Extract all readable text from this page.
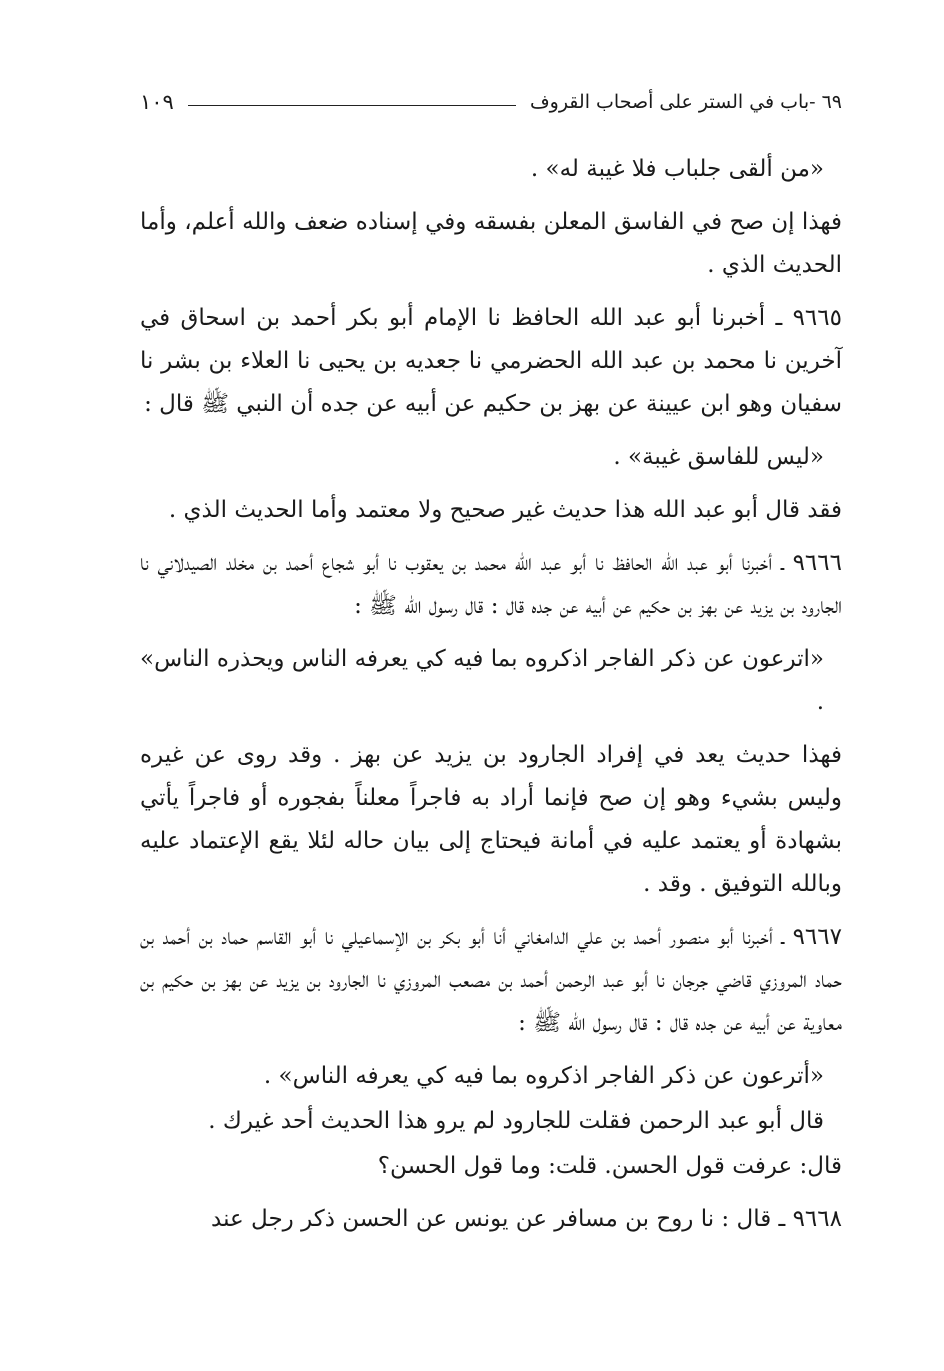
٦٩ -باب في الستر على أصحاب القروف
١٠٩

«من ألقى جلباب فلا غيبة له» .

فهذا إن صح في الفاسق المعلن بفسقه وفي إسناده ضعف والله أعلم، وأما الحديث الذي .

٩٦٦٥ ـ أخبرنا أبو عبد الله الحافظ نا الإمام أبو بكر أحمد بن اسحاق في آخرين نا محمد بن عبد الله الحضرمي نا جعديه بن يحيى نا العلاء بن بشر نا سفيان وهو ابن عيينة عن بهز بن حكيم عن أبيه عن جده أن النبي ﷺ قال :

«ليس للفاسق غيبة» .

فقد قال أبو عبد الله هذا حديث غير صحيح ولا معتمد وأما الحديث الذي .

٩٦٦٦ ـ أخبرنا أبو عبد الله الحافظ نا أبو عبد الله محمد بن يعقوب نا أبو شجاع أحمد بن مخلد الصيدلاني نا الجارود بن يزيد عن بهز بن حكيم عن أبيه عن جده قال : قال رسول الله ﷺ :

«اترعون عن ذكر الفاجر اذكروه بما فيه كي يعرفه الناس ويحذره الناس» .

فهذا حديث يعد في إفراد الجارود بن يزيد عن بهز . وقد روى عن غيره وليس بشيء وهو إن صح فإنما أراد به فاجراً معلناً بفجوره أو فاجراً يأتي بشهادة أو يعتمد عليه في أمانة فيحتاج إلى بيان حاله لئلا يقع الإعتماد عليه وبالله التوفيق . وقد .

٩٦٦٧ ـ أخبرنا أبو منصور أحمد بن علي الدامغاني أنا أبو بكر بن الإسماعيلي نا أبو القاسم حماد بن أحمد بن حماد المروزي قاضي جرجان نا أبو عبد الرحمن أحمد بن مصعب المروزي نا الجارود بن يزيد عن بهز بن حكيم بن معاوية عن أبيه عن جده قال : قال رسول الله ﷺ :

«أترعون عن ذكر الفاجر اذكروه بما فيه كي يعرفه الناس» .

قال أبو عبد الرحمن فقلت للجارود لم يرو هذا الحديث أحد غيرك .

قال: عرفت قول الحسن. قلت: وما قول الحسن؟

٩٦٦٨ ـ قال : نا روح بن مسافر عن يونس عن الحسن ذكر رجل عند
